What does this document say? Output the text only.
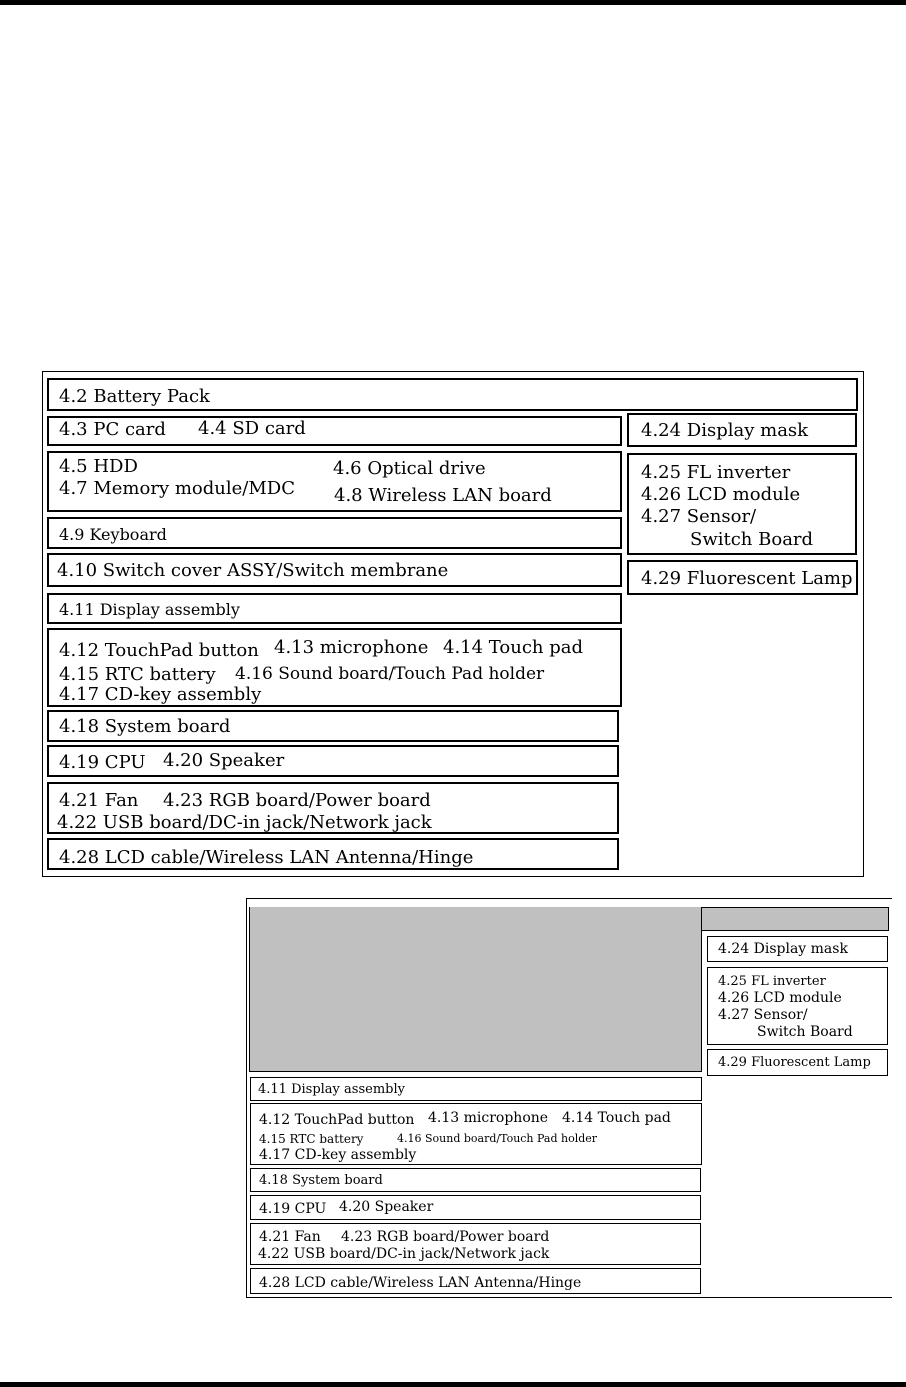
4.2 Battery Pack
4.3 PC card 4.4 SD card
4.5 HDD	4.6 Optical drive
4.7 Memory module/MDC 4.8 Wireless LAN board
4.9 Keyboard
4.10 Switch cover ASSY/Switch membrane
4.11 Display assembly
4.12 TouchPad button 4.13 microphone 4.14 Touch pad
4.15 RTC battery 4.16 Sound board/Touch Pad holder
4.17 CD-key assembly
4.18 System board
4.19 CPU 4.20 Speaker
4.21 Fan 4.23 RGB board/Power board
4.22 USB board/DC-in jack/Network jack
4.28 LCD cable/Wireless LAN Antenna/Hinge
4.24 Display mask
4.25 FL inverter
4.26 LCD module
4.27 Sensor/
Switch Board
4.29 Fluorescent Lamp
4.24 Display mask
4.25 FL inverter
4.26 LCD module
4.27 Sensor/
Switch Board
4.29 Fluorescent Lamp
4.11 Display assembly
4.12 TouchPad button 4.13 microphone 4.14 Touch pad
4.15 RTC battery	4.16 Sound board/Touch Pad holder
4.17 CD-key assembly
4.18 System board
4.19 CPU 4.20 Speaker
4.21 Fan 4.23 RGB board/Power board
4.22 USB board/DC-in jack/Network jack
4.28 LCD cable/Wireless LAN Antenna/Hinge
